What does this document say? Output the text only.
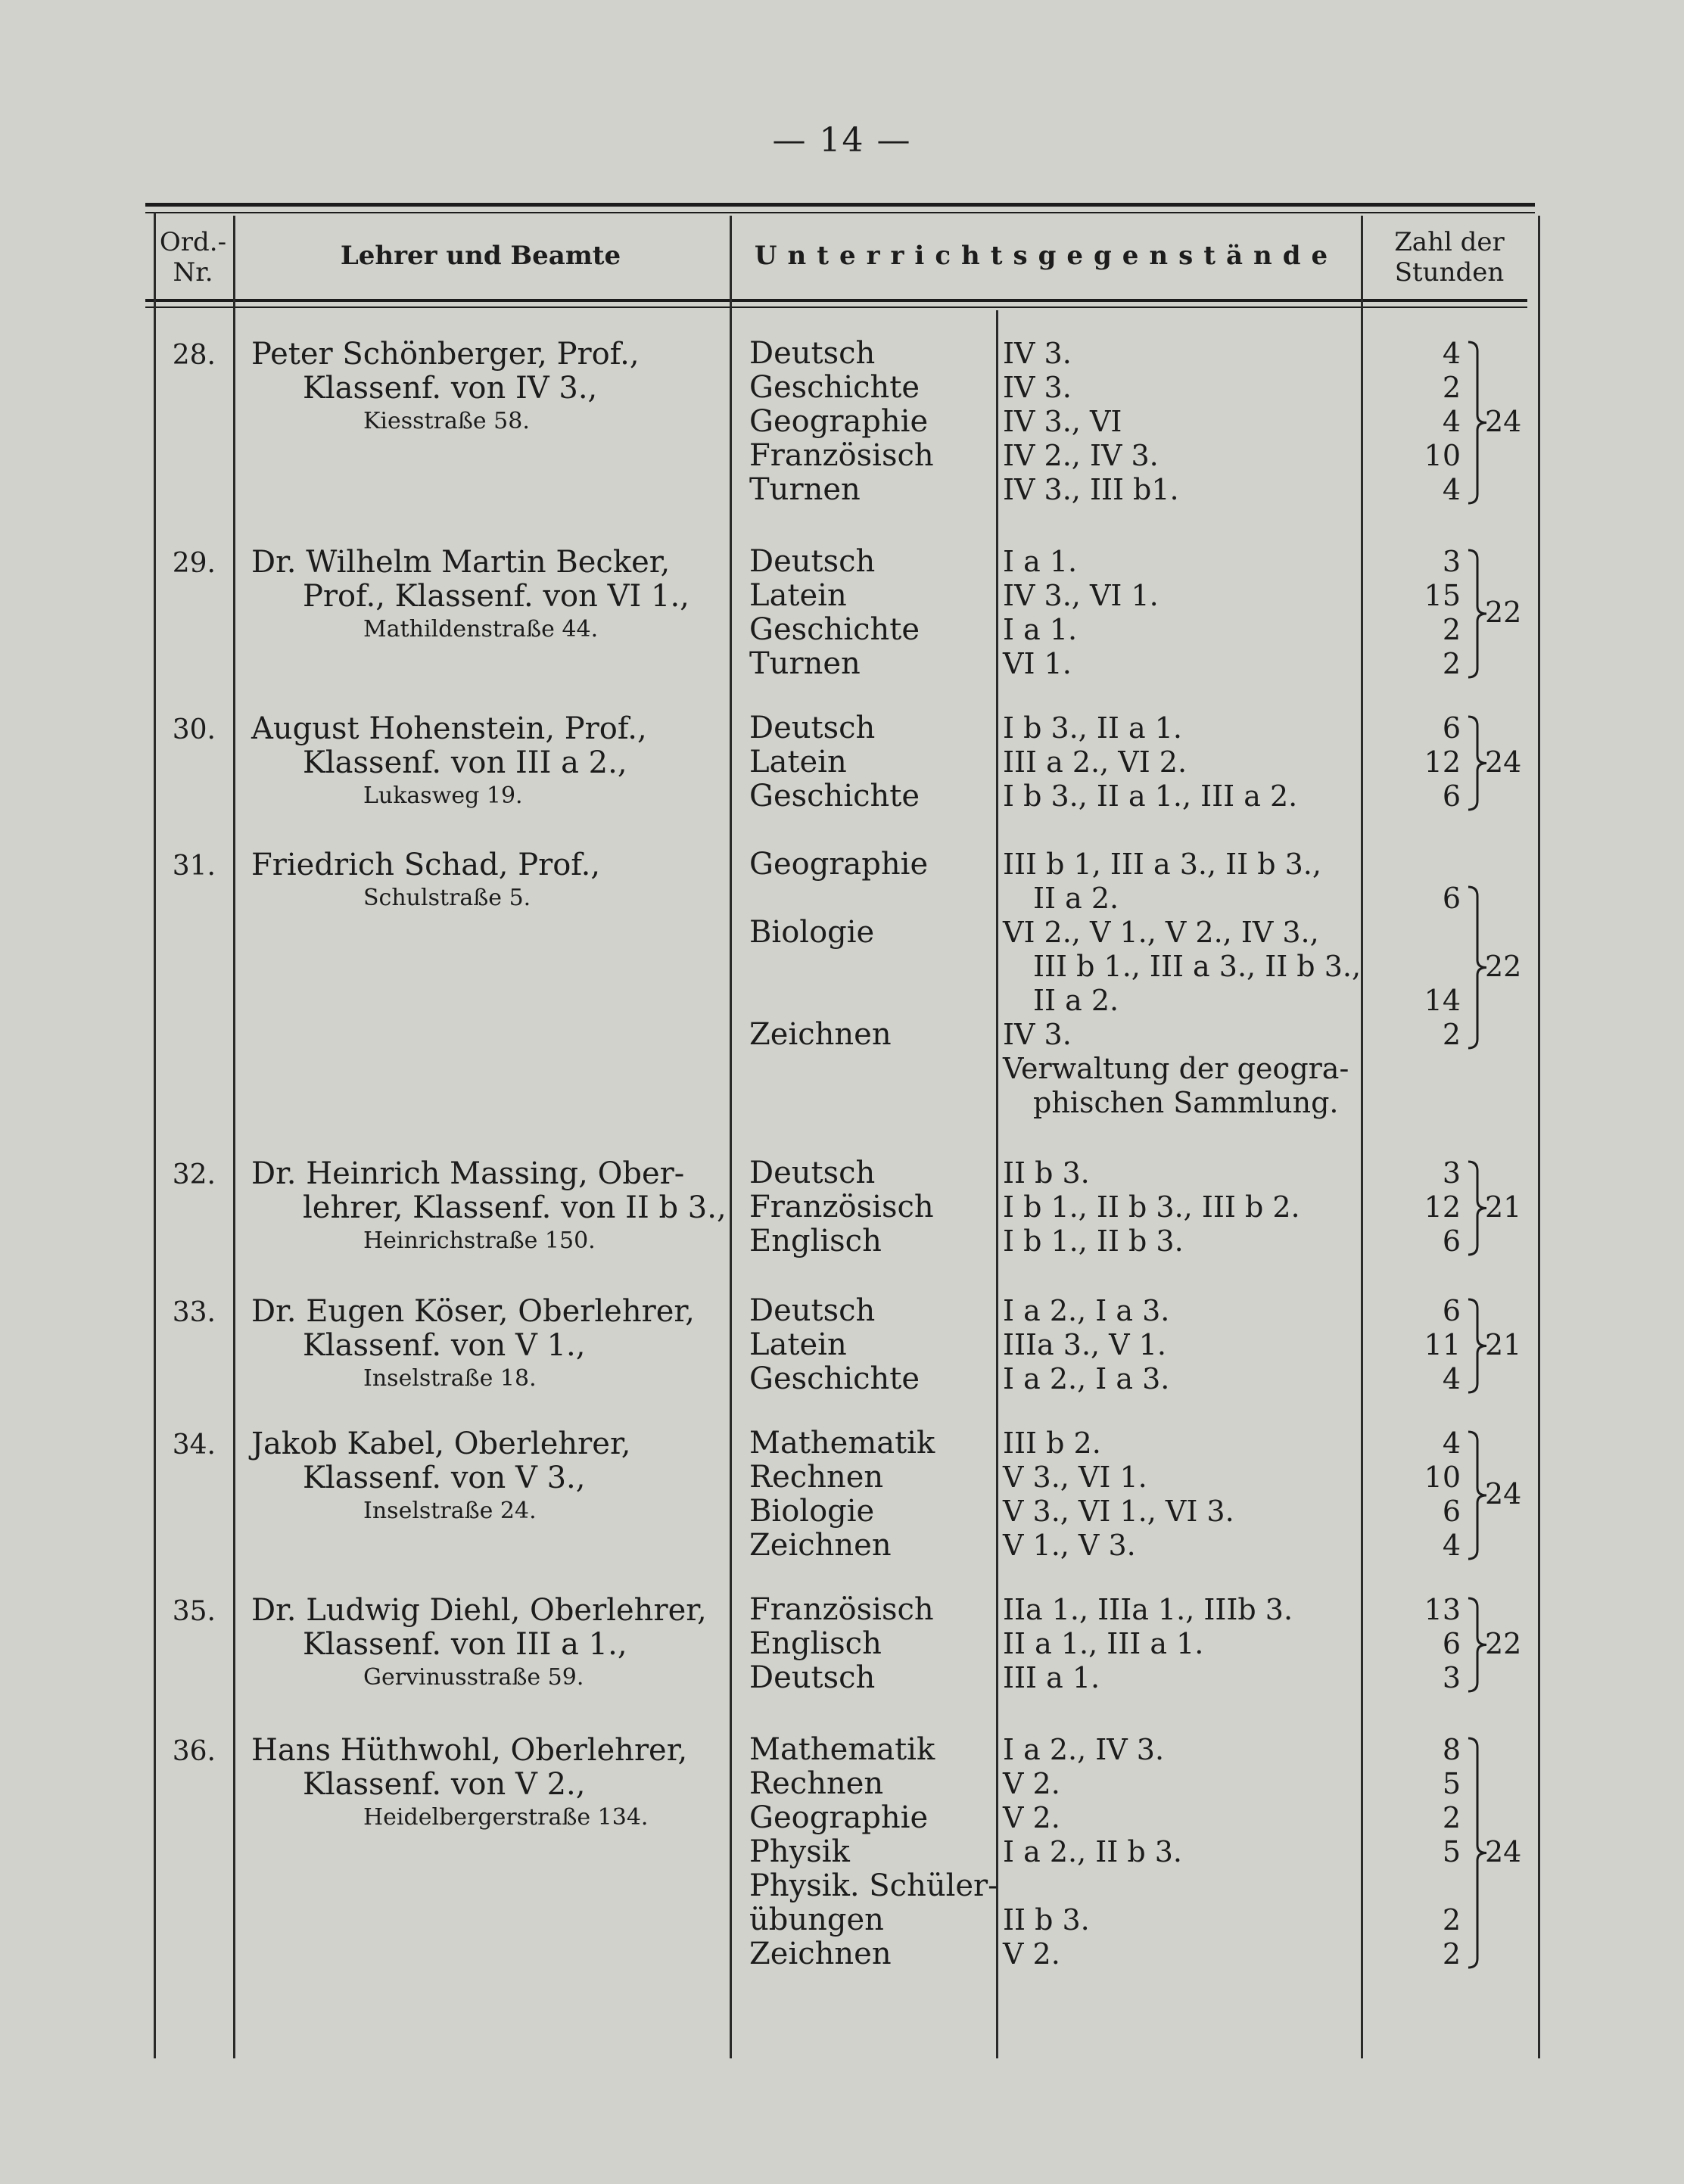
— 14 —
Ord.-
Nr.
Lehrer und Beamte	Unterrichtsgegenstände	Zahl der
Stunden
28. Peter Schönberger, Prof.,
Klassenf. von IV 3.,
Kiesstraße 58.
Deutsch	IV 3.	4
Geschichte	IV 3.	2
Geographie	IV 3., VI	4
Französisch IV 2., IV 3.	10
Turnen	IV 3., III b1.	4
24
29. Dr. Wilhelm Martin Becker,
Prof., Klassenf. von VI 1.,
Mathildenstraße 44.
Deutsch	I a 1.	3
Latein	IV 3., VI 1.	15
Geschichte	I a 1.	2
Turnen	VI 1.	2
22
30. August Hohenstein, Prof.,
Klassenf. von III a 2.,
Lukasweg 19.
Deutsch	I b 3., II a 1.	6
Latein	III a 2., VI 2.	12
Geschichte	I b 3., II a 1., III a 2.	6
24
31. Friedrich Schad, Prof.,
Schulstraße 5.
Geographie	III b 1, III a 3., II b 3.,
II a 2.	6
Biologie	VI 2., V 1., V 2., IV 3.,
III b 1., III a 3., II b 3.,
II a 2.	14
Zeichnen	IV 3.	2
Verwaltung der geogra-
phischen Sammlung.
22
32. Dr. Heinrich Massing, Ober-
lehrer, Klassenf. von II b 3.,
Heinrichstraße 150.
Deutsch	II b 3.	3
Französisch I b 1., II b 3., III b 2.	12
Englisch	I b 1., II b 3.	6
21
33. Dr. Eugen Köser, Oberlehrer,
Klassenf. von V 1.,
Inselstraße 18.
Deutsch	I a 2., I a 3.	6
Latein	IIIa 3., V 1.	11
Geschichte	I a 2., I a 3.	4
21
34. Jakob Kabel, Oberlehrer,
Klassenf. von V 3.,
Inselstraße 24.
Mathematik III b 2.	4
Rechnen	V 3., VI 1.	10
Biologie	V 3., VI 1., VI 3.	6
Zeichnen	V 1., V 3.	4
24
35. Dr. Ludwig Diehl, Oberlehrer,
Klassenf. von III a 1.,
Gervinusstraße 59.
Französisch IIa 1., IIIa 1., IIIb 3.	13
Englisch	II a 1., III a 1.	6
Deutsch	III a 1.	3
22
36. Hans Hüthwohl, Oberlehrer,
Klassenf. von V 2.,
Heidelbergerstraße 134.
Mathematik I a 2., IV 3.	8
Rechnen	V 2.	5
Geographie	V 2.	2
Physik	I a 2., II b 3.	5
Physik. Schüler-
übungen	II b 3.	2
Zeichnen	V 2.	2
24
